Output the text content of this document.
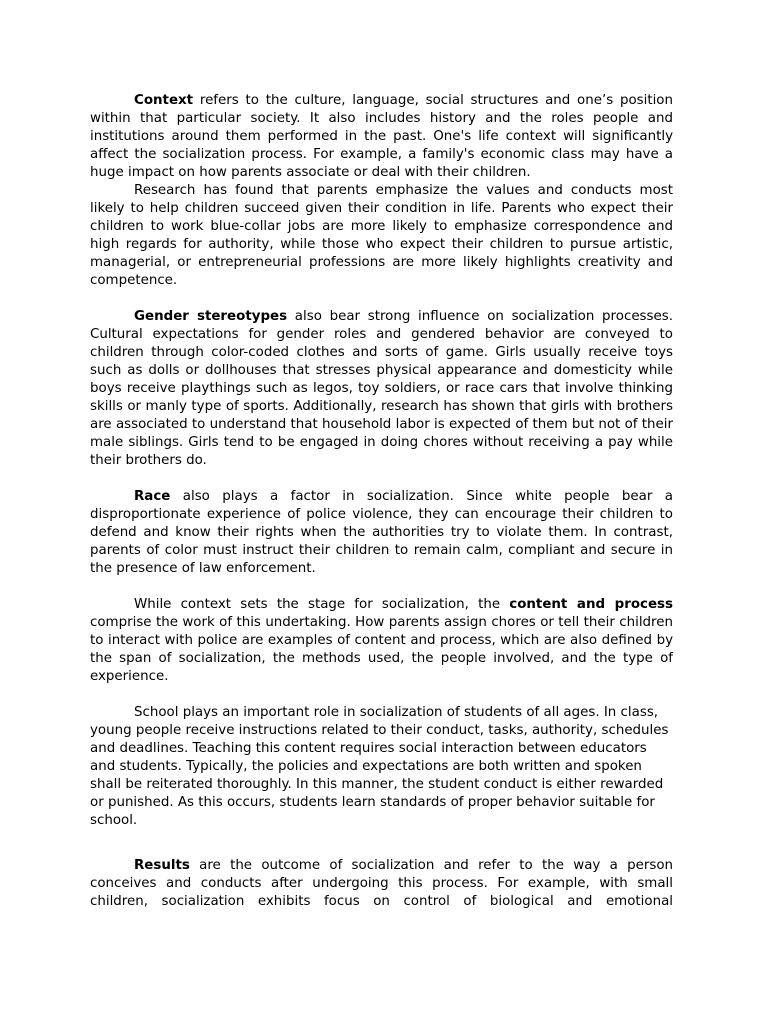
Context refers to the culture, language, social structures and one’s position within that particular society. It also includes history and the roles people and institutions around them performed in the past. One's life context will significantly affect the socialization process. For example, a family's economic class may have a huge impact on how parents associate or deal with their children.

Research has found that parents emphasize the values and conducts most likely to help children succeed given their condition in life. Parents who expect their children to work blue-collar jobs are more likely to emphasize correspondence and high regards for authority, while those who expect their children to pursue artistic, managerial, or entrepreneurial professions are more likely highlights creativity and competence.

Gender stereotypes also bear strong influence on socialization processes. Cultural expectations for gender roles and gendered behavior are conveyed to children through color-coded clothes and sorts of game. Girls usually receive toys such as dolls or dollhouses that stresses physical appearance and domesticity while boys receive playthings such as legos, toy soldiers, or race cars that involve thinking skills or manly type of sports. Additionally, research has shown that girls with brothers are associated to understand that household labor is expected of them but not of their male siblings. Girls tend to be engaged in doing chores without receiving a pay while their brothers do.

Race also plays a factor in socialization. Since white people bear a disproportionate experience of police violence, they can encourage their children to defend and know their rights when the authorities try to violate them. In contrast, parents of color must instruct their children to remain calm, compliant and secure in the presence of law enforcement.

While context sets the stage for socialization, the content and process comprise the work of this undertaking. How parents assign chores or tell their children to interact with police are examples of content and process, which are also defined by the span of socialization, the methods used, the people involved, and the type of experience.

School plays an important role in socialization of students of all ages. In class, young people receive instructions related to their conduct, tasks, authority, schedules and deadlines. Teaching this content requires social interaction between educators and students. Typically, the policies and expectations are both written and spoken shall be reiterated thoroughly. In this manner, the student conduct is either rewarded or punished. As this occurs, students learn standards of proper behavior suitable for school.

Results are the outcome of socialization and refer to the way a person conceives and conducts after undergoing this process. For example, with small children, socialization exhibits focus on control of biological and emotional
